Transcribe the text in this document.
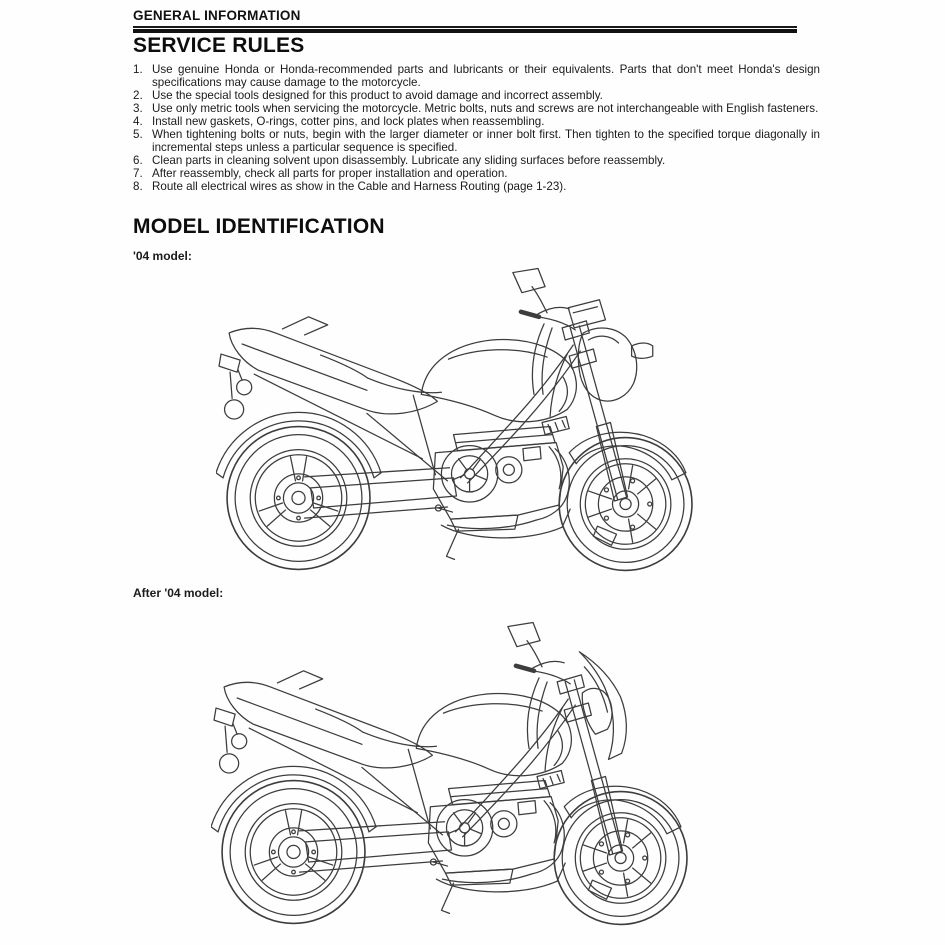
GENERAL INFORMATION
SERVICE RULES
1. Use genuine Honda or Honda-recommended parts and lubricants or their equivalents. Parts that don't meet Honda's design specifications may cause damage to the motorcycle.
2. Use the special tools designed for this product to avoid damage and incorrect assembly.
3. Use only metric tools when servicing the motorcycle. Metric bolts, nuts and screws are not interchangeable with English fasteners.
4. Install new gaskets, O-rings, cotter pins, and lock plates when reassembling.
5. When tightening bolts or nuts, begin with the larger diameter or inner bolt first. Then tighten to the specified torque diagonally in incremental steps unless a particular sequence is specified.
6. Clean parts in cleaning solvent upon disassembly. Lubricate any sliding surfaces before reassembly.
7. After reassembly, check all parts for proper installation and operation.
8. Route all electrical wires as show in the Cable and Harness Routing (page 1-23).
MODEL IDENTIFICATION
'04 model:
After '04 model:
